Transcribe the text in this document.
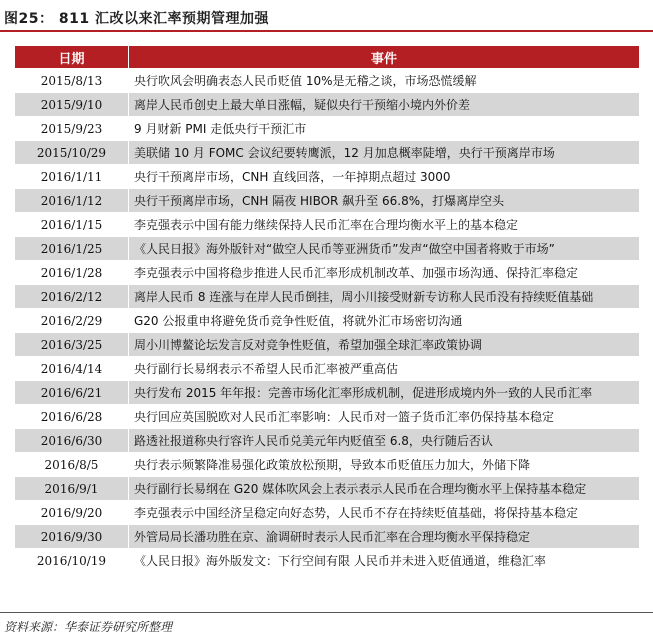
图25： 811 汇改以来汇率预期管理加强
日期	事件
2015/8/13	央行吹风会明确表态人民币贬值 10%是无稽之谈，市场恐慌缓解
2015/9/10	离岸人民币创史上最大单日涨幅，疑似央行干预缩小境内外价差
2015/9/23	9 月财新 PMI 走低央行干预汇市
2015/10/29	美联储 10 月 FOMC 会议纪要转鹰派，12 月加息概率陡增，央行干预离岸市场
2016/1/11	央行干预离岸市场，CNH 直线回落，一年掉期点超过 3000
2016/1/12	央行干预离岸市场，CNH 隔夜 HIBOR 飙升至 66.8%，打爆离岸空头
2016/1/15	李克强表示中国有能力继续保持人民币汇率在合理均衡水平上的基本稳定
2016/1/25	《人民日报》海外版针对“做空人民币等亚洲货币”发声“做空中国者将败于市场”
2016/1/28	李克强表示中国将稳步推进人民币汇率形成机制改革、加强市场沟通、保持汇率稳定
2016/2/12	离岸人民币 8 连涨与在岸人民币倒挂，周小川接受财新专访称人民币没有持续贬值基础
2016/2/29	G20 公报重申将避免货币竞争性贬值，将就外汇市场密切沟通
2016/3/25	周小川博鳌论坛发言反对竞争性贬值，希望加强全球汇率政策协调
2016/4/14	央行副行长易纲表示不希望人民币汇率被严重高估
2016/6/21	央行发布 2015 年年报：完善市场化汇率形成机制，促进形成境内外一致的人民币汇率
2016/6/28	央行回应英国脱欧对人民币汇率影响：人民币对一篮子货币汇率仍保持基本稳定
2016/6/30	路透社报道称央行容许人民币兑美元年内贬值至 6.8，央行随后否认
2016/8/5	央行表示频繁降准易强化政策放松预期，导致本币贬值压力加大，外储下降
2016/9/1	央行副行长易纲在 G20 媒体吹风会上表示表示人民币在合理均衡水平上保持基本稳定
2016/9/20	李克强表示中国经济呈稳定向好态势，人民币不存在持续贬值基础，将保持基本稳定
2016/9/30	外管局局长潘功胜在京、渝调研时表示人民币汇率在合理均衡水平保持稳定
2016/10/19	《人民日报》海外版发文：下行空间有限 人民币并未进入贬值通道，维稳汇率
资料来源：华泰证券研究所整理
